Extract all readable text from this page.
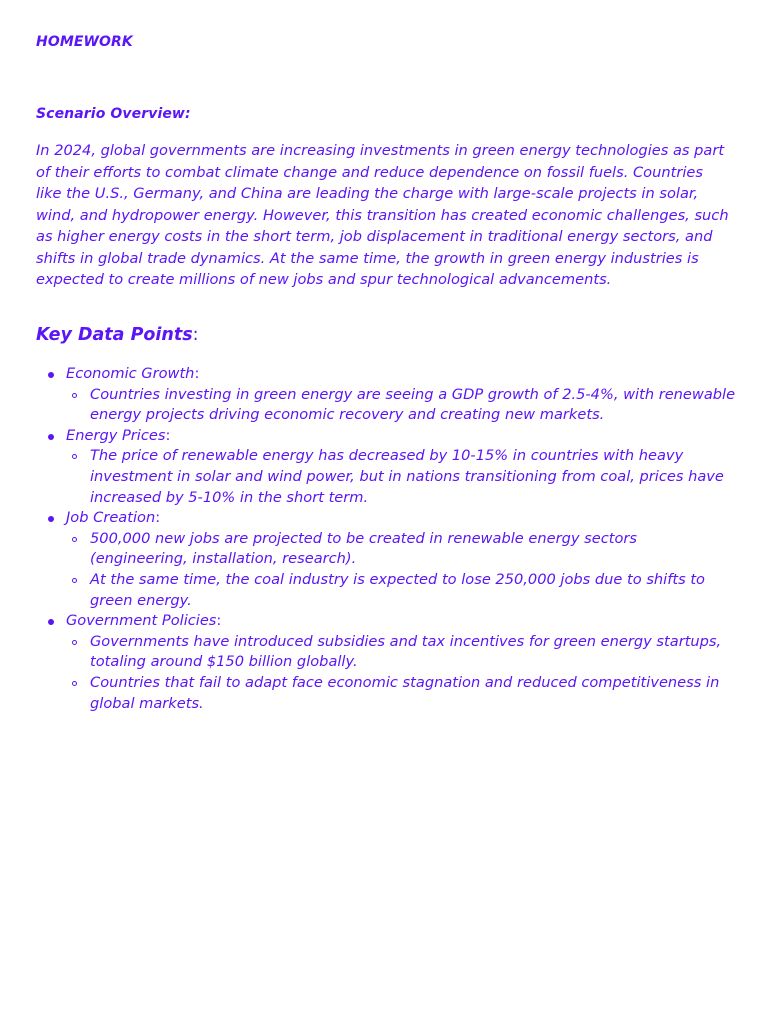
HOMEWORK

Scenario Overview:

In 2024, global governments are increasing investments in green energy technologies as part of their efforts to combat climate change and reduce dependence on fossil fuels. Countries like the U.S., Germany, and China are leading the charge with large-scale projects in solar, wind, and hydropower energy. However, this transition has created economic challenges, such as higher energy costs in the short term, job displacement in traditional energy sectors, and shifts in global trade dynamics. At the same time, the growth in green energy industries is expected to create millions of new jobs and spur technological advancements.

Key Data Points:

Economic Growth:
Countries investing in green energy are seeing a GDP growth of 2.5-4%, with renewable energy projects driving economic recovery and creating new markets.
Energy Prices:
The price of renewable energy has decreased by 10-15% in countries with heavy investment in solar and wind power, but in nations transitioning from coal, prices have increased by 5-10% in the short term.
Job Creation:
500,000 new jobs are projected to be created in renewable energy sectors (engineering, installation, research).
At the same time, the coal industry is expected to lose 250,000 jobs due to shifts to green energy.
Government Policies:
Governments have introduced subsidies and tax incentives for green energy startups, totaling around $150 billion globally.
Countries that fail to adapt face economic stagnation and reduced competitiveness in global markets.
